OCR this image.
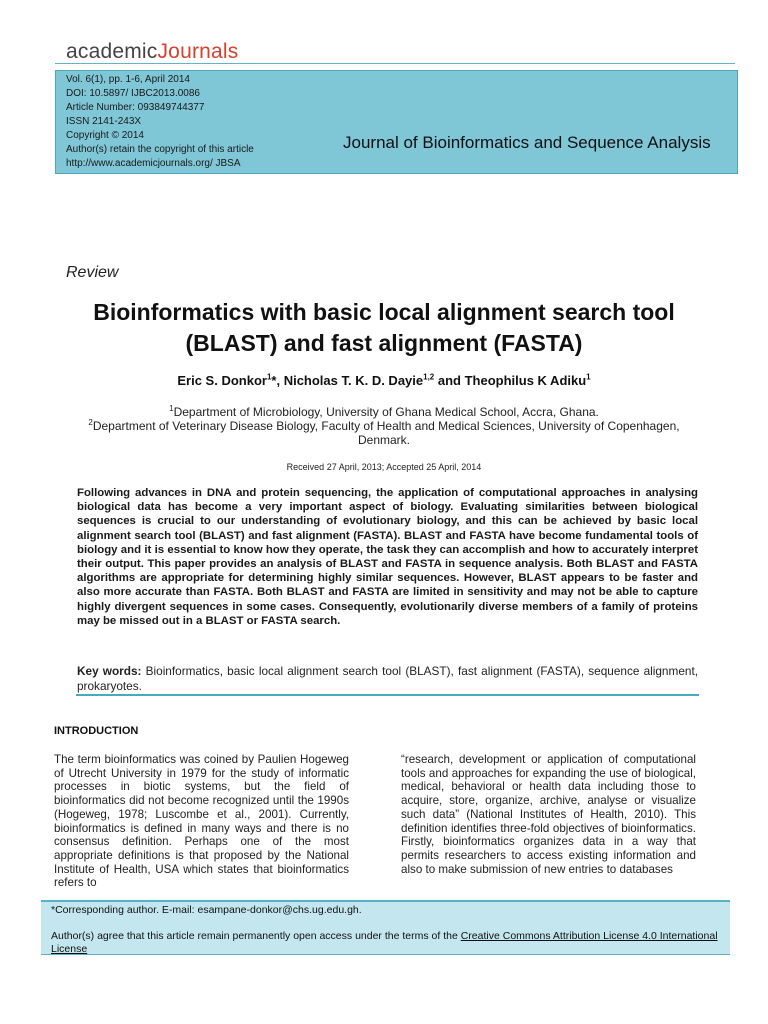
academicJournals
Vol. 6(1), pp. 1-6, April 2014
DOI: 10.5897/ IJBC2013.0086
Article Number: 093849744377
ISSN 2141-243X
Copyright © 2014
Author(s) retain the copyright of this article
http://www.academicjournals.org/ JBSA
Journal of Bioinformatics and Sequence Analysis
Review
Bioinformatics with basic local alignment search tool
(BLAST) and fast alignment (FASTA)
Eric S. Donkor$^1$*, Nicholas T. K. D. Dayie$^{1,2}$ and Theophilus K Adiku$^1$
$^1$Department of Microbiology, University of Ghana Medical School, Accra, Ghana.
$^2$Department of Veterinary Disease Biology, Faculty of Health and Medical Sciences, University of Copenhagen, Denmark.
Received 27 April, 2013; Accepted 25 April, 2014
Following advances in DNA and protein sequencing, the application of computational approaches in analysing biological data has become a very important aspect of biology. Evaluating similarities between biological sequences is crucial to our understanding of evolutionary biology, and this can be achieved by basic local alignment search tool (BLAST) and fast alignment (FASTA). BLAST and FASTA have become fundamental tools of biology and it is essential to know how they operate, the task they can accomplish and how to accurately interpret their output. This paper provides an analysis of BLAST and FASTA in sequence analysis. Both BLAST and FASTA algorithms are appropriate for determining highly similar sequences. However, BLAST appears to be faster and also more accurate than FASTA. Both BLAST and FASTA are limited in sensitivity and may not be able to capture highly divergent sequences in some cases. Consequently, evolutionarily diverse members of a family of proteins may be missed out in a BLAST or FASTA search.
Key words: Bioinformatics, basic local alignment search tool (BLAST), fast alignment (FASTA), sequence alignment, prokaryotes.
INTRODUCTION
The term bioinformatics was coined by Paulien Hogeweg of Utrecht University in 1979 for the study of informatic processes in biotic systems, but the field of bioinformatics did not become recognized until the 1990s (Hogeweg, 1978; Luscombe et al., 2001). Currently, bioinformatics is defined in many ways and there is no consensus definition. Perhaps one of the most appropriate definitions is that proposed by the National Institute of Health, USA which states that bioinformatics refers to
“research, development or application of computational tools and approaches for expanding the use of biological, medical, behavioral or health data including those to acquire, store, organize, archive, analyse or visualize such data” (National Institutes of Health, 2010). This definition identifies three-fold objectives of bioinformatics. Firstly, bioinformatics organizes data in a way that permits researchers to access existing information and also to make submission of new entries to databases
*Corresponding author. E-mail: esampane-donkor@chs.ug.edu.gh.
Author(s) agree that this article remain permanently open access under the terms of the Creative Commons Attribution License 4.0 International License
